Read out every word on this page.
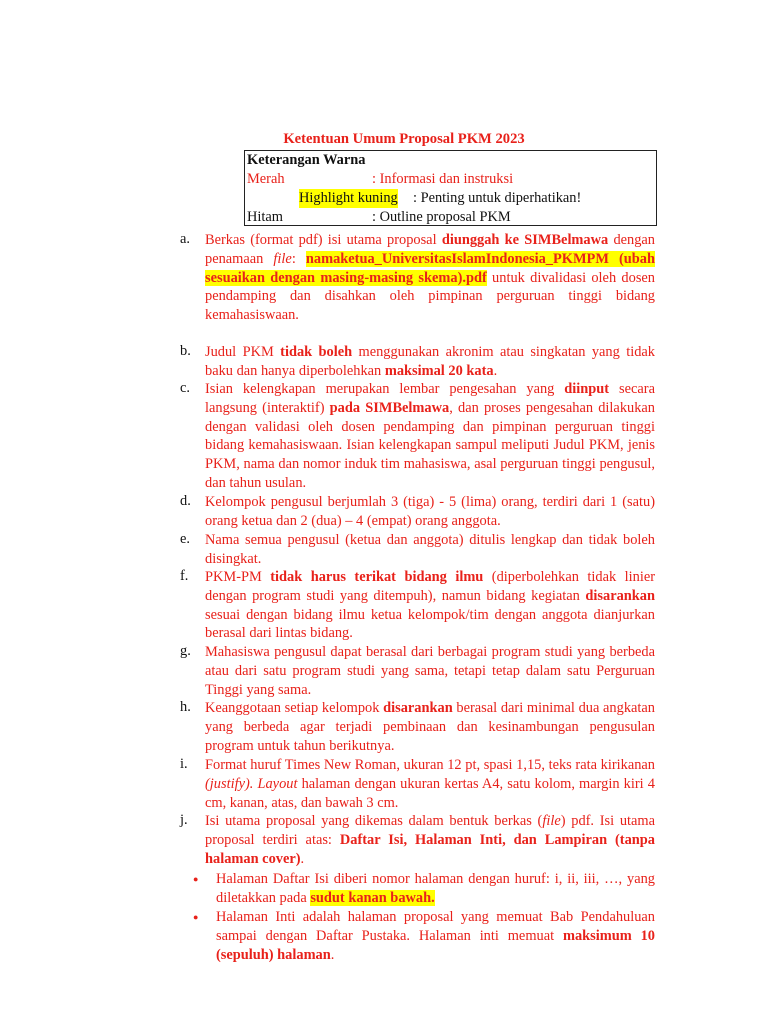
Ketentuan Umum Proposal PKM 2023
Keterangan Warna
Merah	: Informasi dan instruksi
Highlight kuning : Penting untuk diperhatikan!
Hitam	: Outline proposal PKM
a.	Berkas (format pdf) isi utama proposal diunggah ke SIMBelmawa dengan penamaan file: namaketua_UniversitasIslamIndonesia_PKMPM (ubah sesuaikan dengan masing-masing skema).pdf untuk divalidasi oleh dosen pendamping dan disahkan oleh pimpinan perguruan tinggi bidang kemahasiswaan.
b. Judul PKM tidak boleh menggunakan akronim atau singkatan yang tidak baku dan hanya diperbolehkan maksimal 20 kata.
c.	Isian kelengkapan merupakan lembar pengesahan yang diinput secara langsung (interaktif) pada SIMBelmawa, dan proses pengesahan dilakukan dengan validasi oleh dosen pendamping dan pimpinan perguruan tinggi bidang kemahasiswaan. Isian kelengkapan sampul meliputi Judul PKM, jenis PKM, nama dan nomor induk tim mahasiswa, asal perguruan tinggi pengusul, dan tahun usulan.
d. Kelompok pengusul berjumlah 3 (tiga) - 5 (lima) orang, terdiri dari 1 (satu) orang ketua dan 2 (dua) – 4 (empat) orang anggota.
e.	Nama semua pengusul (ketua dan anggota) ditulis lengkap dan tidak boleh disingkat.
f.	PKM-PM tidak harus terikat bidang ilmu (diperbolehkan tidak linier dengan program studi yang ditempuh), namun bidang kegiatan disarankan sesuai dengan bidang ilmu ketua kelompok/tim dengan anggota dianjurkan berasal dari lintas bidang.
g. Mahasiswa pengusul dapat berasal dari berbagai program studi yang berbeda atau dari satu program studi yang sama, tetapi tetap dalam satu Perguruan Tinggi yang sama.
h. Keanggotaan setiap kelompok disarankan berasal dari minimal dua angkatan yang berbeda agar terjadi pembinaan dan kesinambungan pengusulan program untuk tahun berikutnya.
i.	Format huruf Times New Roman, ukuran 12 pt, spasi 1,15, teks rata kirikanan (justify). Layout halaman dengan ukuran kertas A4, satu kolom, margin kiri 4 cm, kanan, atas, dan bawah 3 cm.
j.	Isi utama proposal yang dikemas dalam bentuk berkas (file) pdf. Isi utama proposal terdiri atas: Daftar Isi, Halaman Inti, dan Lampiran (tanpa halaman cover).
●	Halaman Daftar Isi diberi nomor halaman dengan huruf: i, ii, iii, …, yang diletakkan pada sudut kanan bawah.
●	Halaman Inti adalah halaman proposal yang memuat Bab Pendahuluan sampai dengan Daftar Pustaka. Halaman inti memuat maksimum 10 (sepuluh) halaman.
